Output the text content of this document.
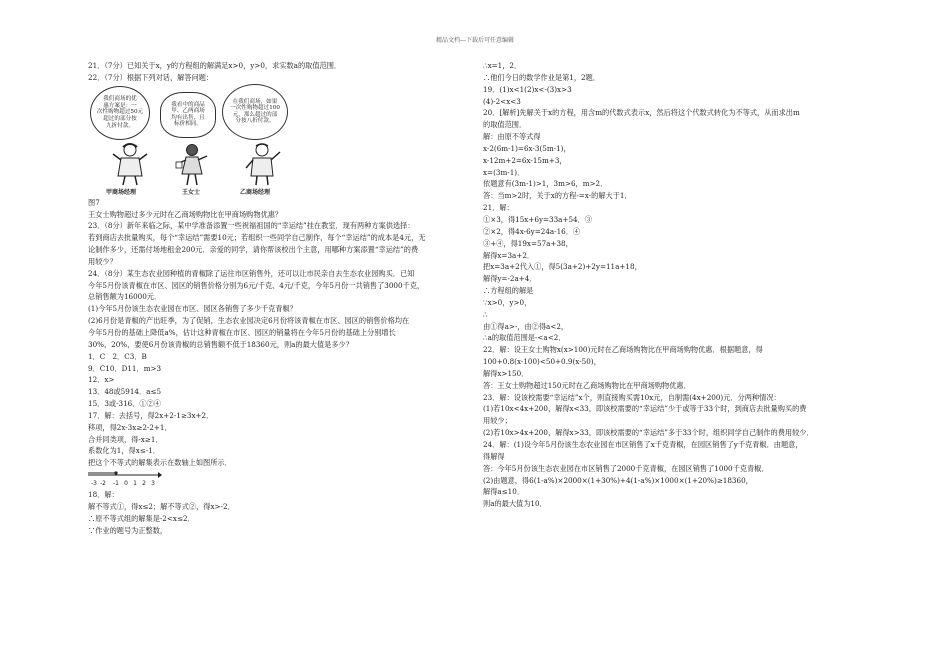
精品文档---下载后可任意编辑
21．（7分）已知关于x，y的方程组的解满足x>0，y>0，求实数a的取值范围．
22．（7分）根据下列对话，解答问题：
我们商场的优
惠方案是：一
次性购物超过50元
超过的部分按
九折付款。
我看中的商品
甲、乙两商场
均有出售，且
标价相同。
在我们商场，如果
一次性购物超过100
元，那么超过的部
分按八折付款。
甲商场经理	王女士	乙商场经理
图7
王女士购物超过多少元时在乙商场购物比在甲商场购物优惠？
23．（8分）新年来临之际，某中学准备添置一些祝福祖国的“幸运结”挂在教室．现有两种方案供选择：
若到商店去批量购买，每个“幸运结”需要10元；若组织一些同学自己制作，每个“幸运结”的成本是4元，无
论制作多少，还需付场地租金200元．亲爱的同学，请你帮该校出个主意，用哪种方案添置“幸运结”的费
用较少？
24．（8分）某生态农业园种植的青椒除了运往市区销售外，还可以让市民亲自去生态农业园购买．已知
今年5月份该青椒在市区、园区的销售价格分别为6元/千克、4元/千克，今年5月份一共销售了3000千克，
总销售额为16000元．
(1)今年5月份该生态农业园在市区、园区各销售了多少千克青椒？
(2)6月份是青椒的产出旺季，为了促销，生态农业园决定6月份将该青椒在市区、园区的销售价格均在
今年5月份的基础上降低a%，估计这种青椒在市区、园区的销量将在今年5月份的基础上分别增长
30%，20%，要使6月份该青椒的总销售额不低于18360元，则a的最大值是多少？
1．C　2．C3．B
9．C10．D11．m>3
12．x>
13．48或5914．a≤5
15．3或-316．①②④
17．解：去括号，得2x+2-1≥3x+2．
移项，得2x-3x≥2-2+1．
合并同类项，得-x≥1．
系数化为1，得x≤-1．
把这个不等式的解集表示在数轴上如图所示．
-3 -2 -1 0 1 2 3
18．解：
解不等式①，得x≤2；解不等式②，得x>-2．
∴原不等式组的解集是-2<x≤2．
∵作业的题号为正整数，
∴x=1，2．
∴他们今日的数学作业是第1，2题．
19．(1)x<1(2)x<-(3)x>3
(4)-2<x<3
20．[解析]先解关于x的方程，用含m的代数式表示x，然后将这个代数式转化为不等式，从而求出m
的取值范围．
解：由原不等式得
x-2(6m-1)=6x-3(5m-1)，
x-12m+2=6x-15m+3，
x=(3m-1)．
依题意有(3m-1)>1，3m>6，m>2．
答：当m>2时，关于x的方程-=x-的解大于1．
21．解：
①×3，得15x+6y=33a+54．③
②×2，得4x-6y=24a-16．④
③+④，得19x=57a+38，
解得x=3a+2．
把x=3a+2代入①，得5(3a+2)+2y=11a+18，
解得y=-2a+4．
∴方程组的解是
∵x>0，y>0，
∴
由①得a>-，由②得a<2，
∴a的取值范围是-<a<2．
22．解：设王女士购物x(x>100)元时在乙商场购物比在甲商场购物优惠．根据题意，得
100+0.8(x-100)<50+0.9(x-50)，
解得x>150．
答：王女士购物超过150元时在乙商场购物比在甲商场购物优惠．
23．解：设该校需要“幸运结”x个，则直接购买需10x元，自制需(4x+200)元．分两种情况：
(1)若10x<4x+200，解得x<33，即该校需要的“幸运结”少于或等于33个时，到商店去批量购买的费
用较少；
(2)若10x>4x+200，解得x>33，即该校需要的“幸运结”多于33个时，组织同学自己制作的费用较少．
24．解：(1)设今年5月份该生态农业园在市区销售了x千克青椒，在园区销售了y千克青椒．由题意，
得解得
答：今年5月份该生态农业园在市区销售了2000千克青椒，在园区销售了1000千克青椒．
(2)由题意，得6(1-a%)×2000×(1+30%)+4(1-a%)×1000×(1+20%)≥18360，
解得a≤10．
则a的最大值为10．
